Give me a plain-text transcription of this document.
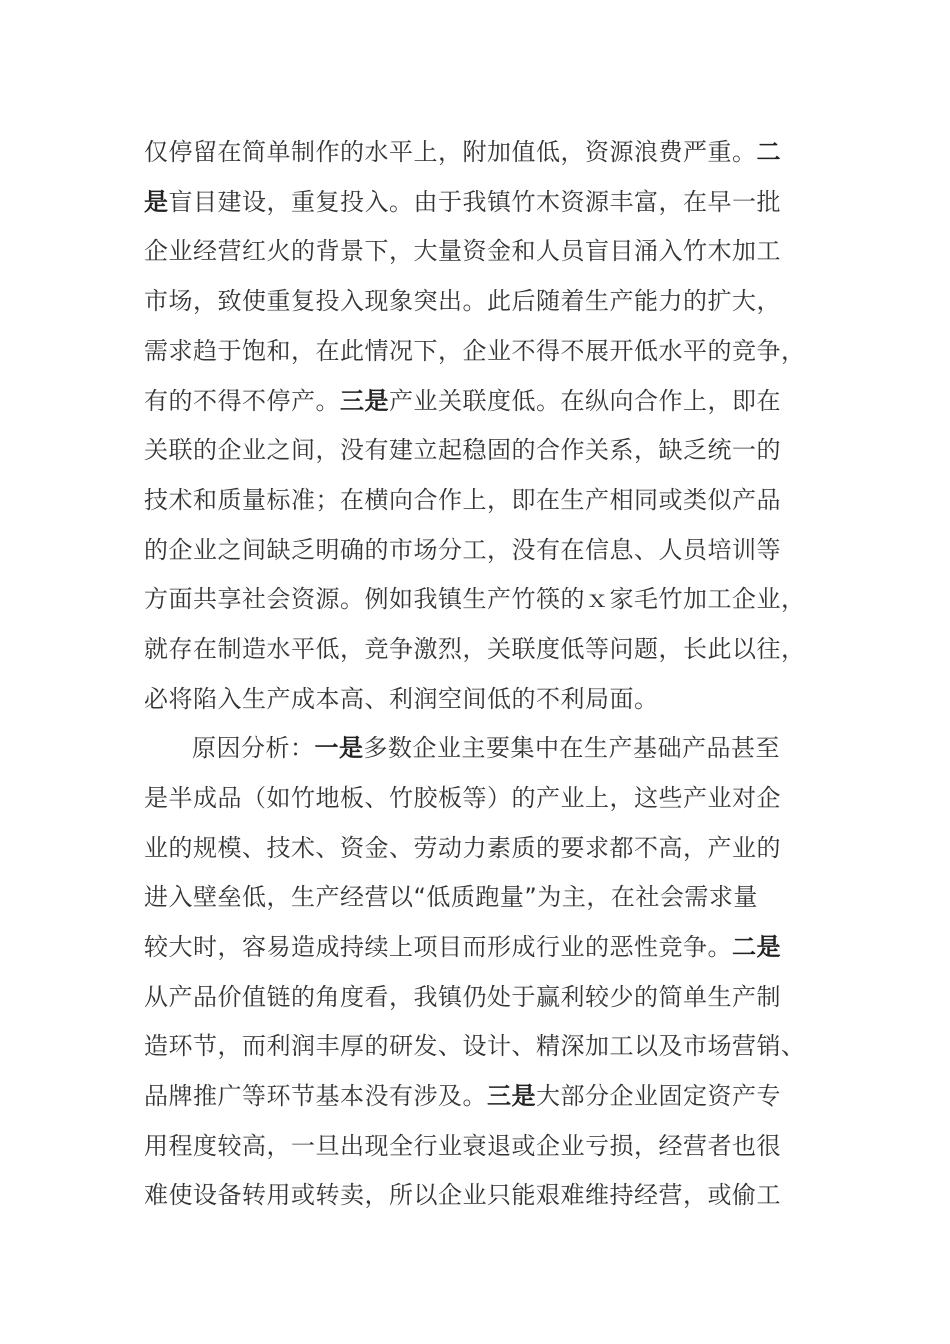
仅停留在简单制作的水平上，附加值低，资源浪费严重。二
是盲目建设，重复投入。由于我镇竹木资源丰富，在早一批
企业经营红火的背景下，大量资金和人员盲目涌入竹木加工
市场，致使重复投入现象突出。此后随着生产能力的扩大，
需求趋于饱和，在此情况下，企业不得不展开低水平的竞争，
有的不得不停产。三是产业关联度低。在纵向合作上，即在
关联的企业之间，没有建立起稳固的合作关系，缺乏统一的
技术和质量标准；在横向合作上，即在生产相同或类似产品
的企业之间缺乏明确的市场分工，没有在信息、人员培训等
方面共享社会资源。例如我镇生产竹筷的ｘ家毛竹加工企业，
就存在制造水平低，竞争激烈，关联度低等问题，长此以往，
必将陷入生产成本高、利润空间低的不利局面。
原因分析：一是多数企业主要集中在生产基础产品甚至
是半成品（如竹地板、竹胶板等）的产业上，这些产业对企
业的规模、技术、资金、劳动力素质的要求都不高，产业的
进入壁垒低，生产经营以“低质跑量”为主，在社会需求量
较大时，容易造成持续上项目而形成行业的恶性竞争。二是
从产品价值链的角度看，我镇仍处于赢利较少的简单生产制
造环节，而利润丰厚的研发、设计、精深加工以及市场营销、
品牌推广等环节基本没有涉及。三是大部分企业固定资产专
用程度较高，一旦出现全行业衰退或企业亏损，经营者也很
难使设备转用或转卖，所以企业只能艰难维持经营，或偷工
